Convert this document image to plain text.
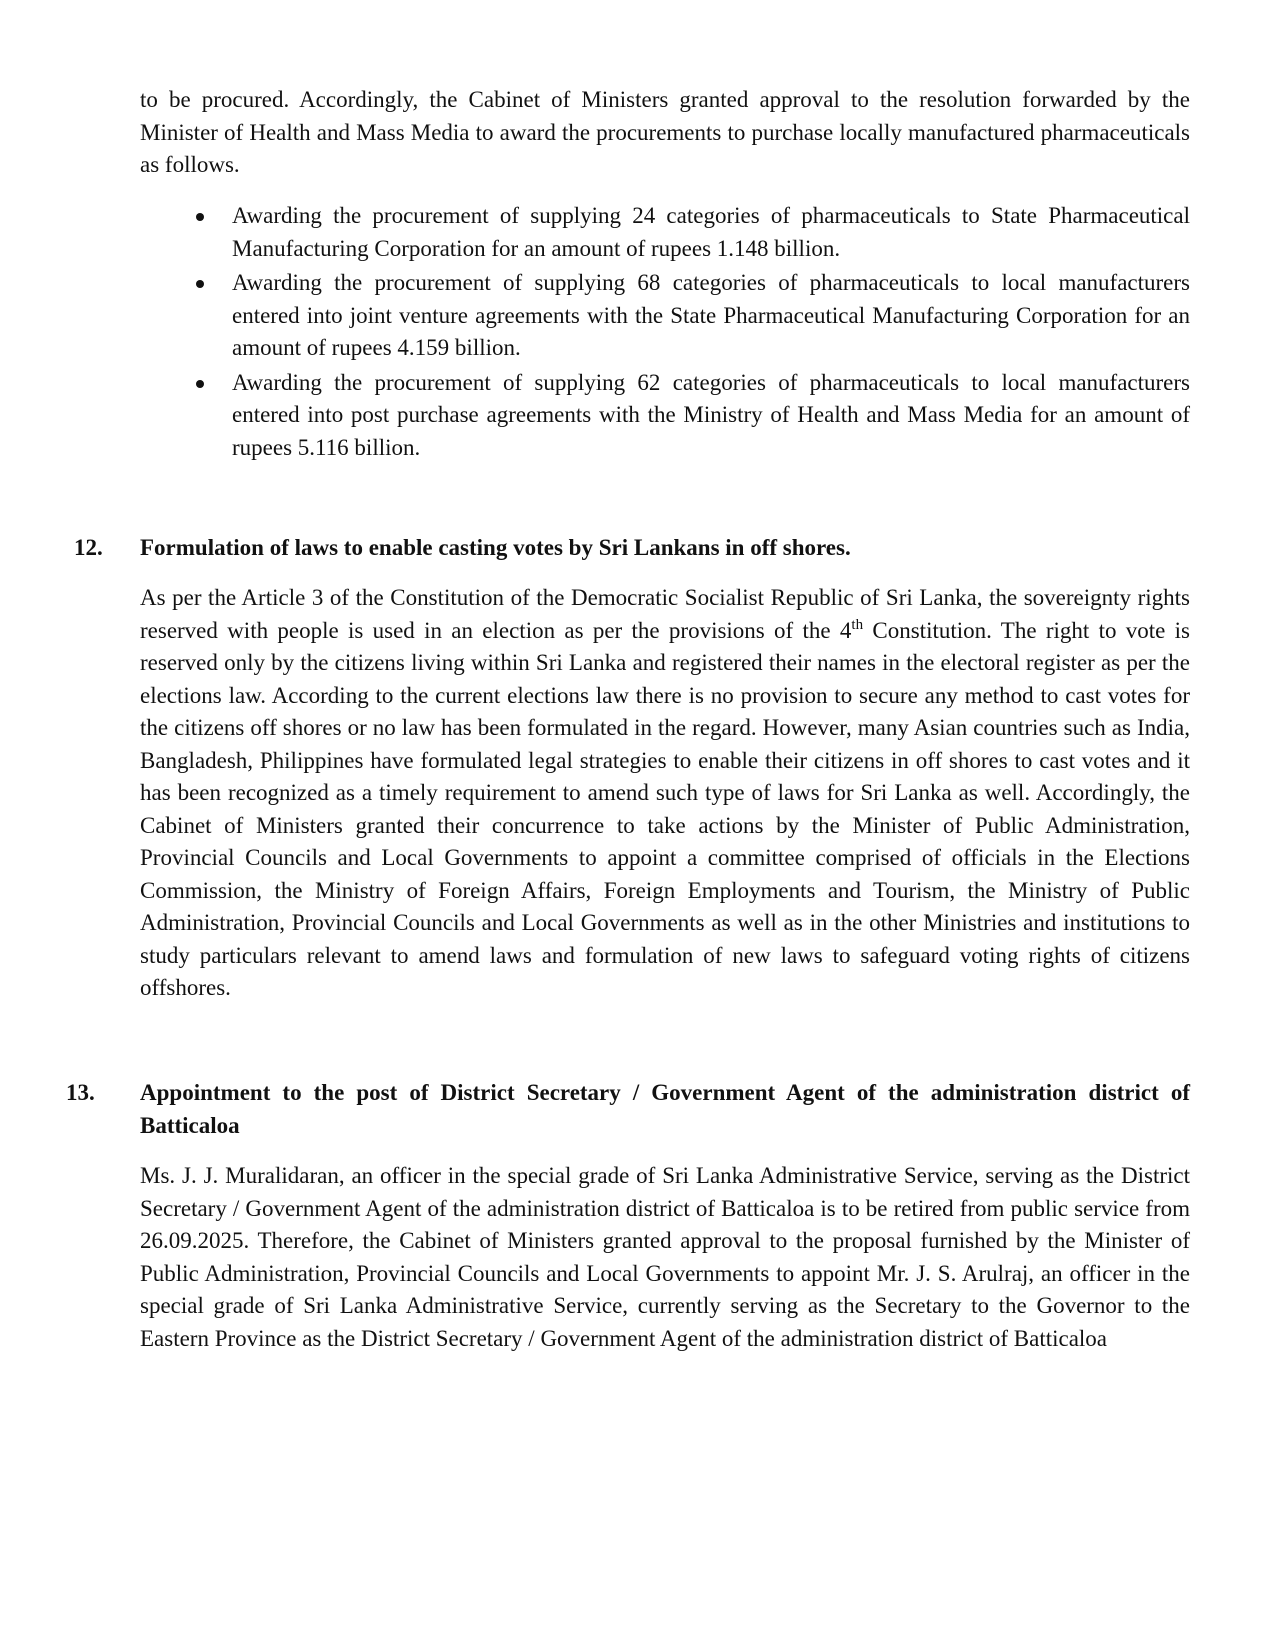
to be procured. Accordingly, the Cabinet of Ministers granted approval to the resolution forwarded by the Minister of Health and Mass Media to award the procurements to purchase locally manufactured pharmaceuticals as follows.

Awarding the procurement of supplying 24 categories of pharmaceuticals to State Pharmaceutical Manufacturing Corporation for an amount of rupees 1.148 billion.
Awarding the procurement of supplying 68 categories of pharmaceuticals to local manufacturers entered into joint venture agreements with the State Pharmaceutical Manufacturing Corporation for an amount of rupees 4.159 billion.
Awarding the procurement of supplying 62 categories of pharmaceuticals to local manufacturers entered into post purchase agreements with the Ministry of Health and Mass Media for an amount of rupees 5.116 billion.
12.	Formulation of laws to enable casting votes by Sri Lankans in off shores.

As per the Article 3 of the Constitution of the Democratic Socialist Republic of Sri Lanka, the sovereignty rights reserved with people is used in an election as per the provisions of the 4th Constitution. The right to vote is reserved only by the citizens living within Sri Lanka and registered their names in the electoral register as per the elections law. According to the current elections law there is no provision to secure any method to cast votes for the citizens off shores or no law has been formulated in the regard. However, many Asian countries such as India, Bangladesh, Philippines have formulated legal strategies to enable their citizens in off shores to cast votes and it has been recognized as a timely requirement to amend such type of laws for Sri Lanka as well. Accordingly, the Cabinet of Ministers granted their concurrence to take actions by the Minister of Public Administration, Provincial Councils and Local Governments to appoint a committee comprised of officials in the Elections Commission, the Ministry of Foreign Affairs, Foreign Employments and Tourism, the Ministry of Public Administration, Provincial Councils and Local Governments as well as in the other Ministries and institutions to study particulars relevant to amend laws and formulation of new laws to safeguard voting rights of citizens offshores.

13.	Appointment to the post of District Secretary / Government Agent of the administration district of Batticaloa

Ms. J. J. Muralidaran, an officer in the special grade of Sri Lanka Administrative Service, serving as the District Secretary / Government Agent of the administration district of Batticaloa is to be retired from public service from 26.09.2025. Therefore, the Cabinet of Ministers granted approval to the proposal furnished by the Minister of Public Administration, Provincial Councils and Local Governments to appoint Mr. J. S. Arulraj, an officer in the special grade of Sri Lanka Administrative Service, currently serving as the Secretary to the Governor to the Eastern Province as the District Secretary / Government Agent of the administration district of Batticaloa
